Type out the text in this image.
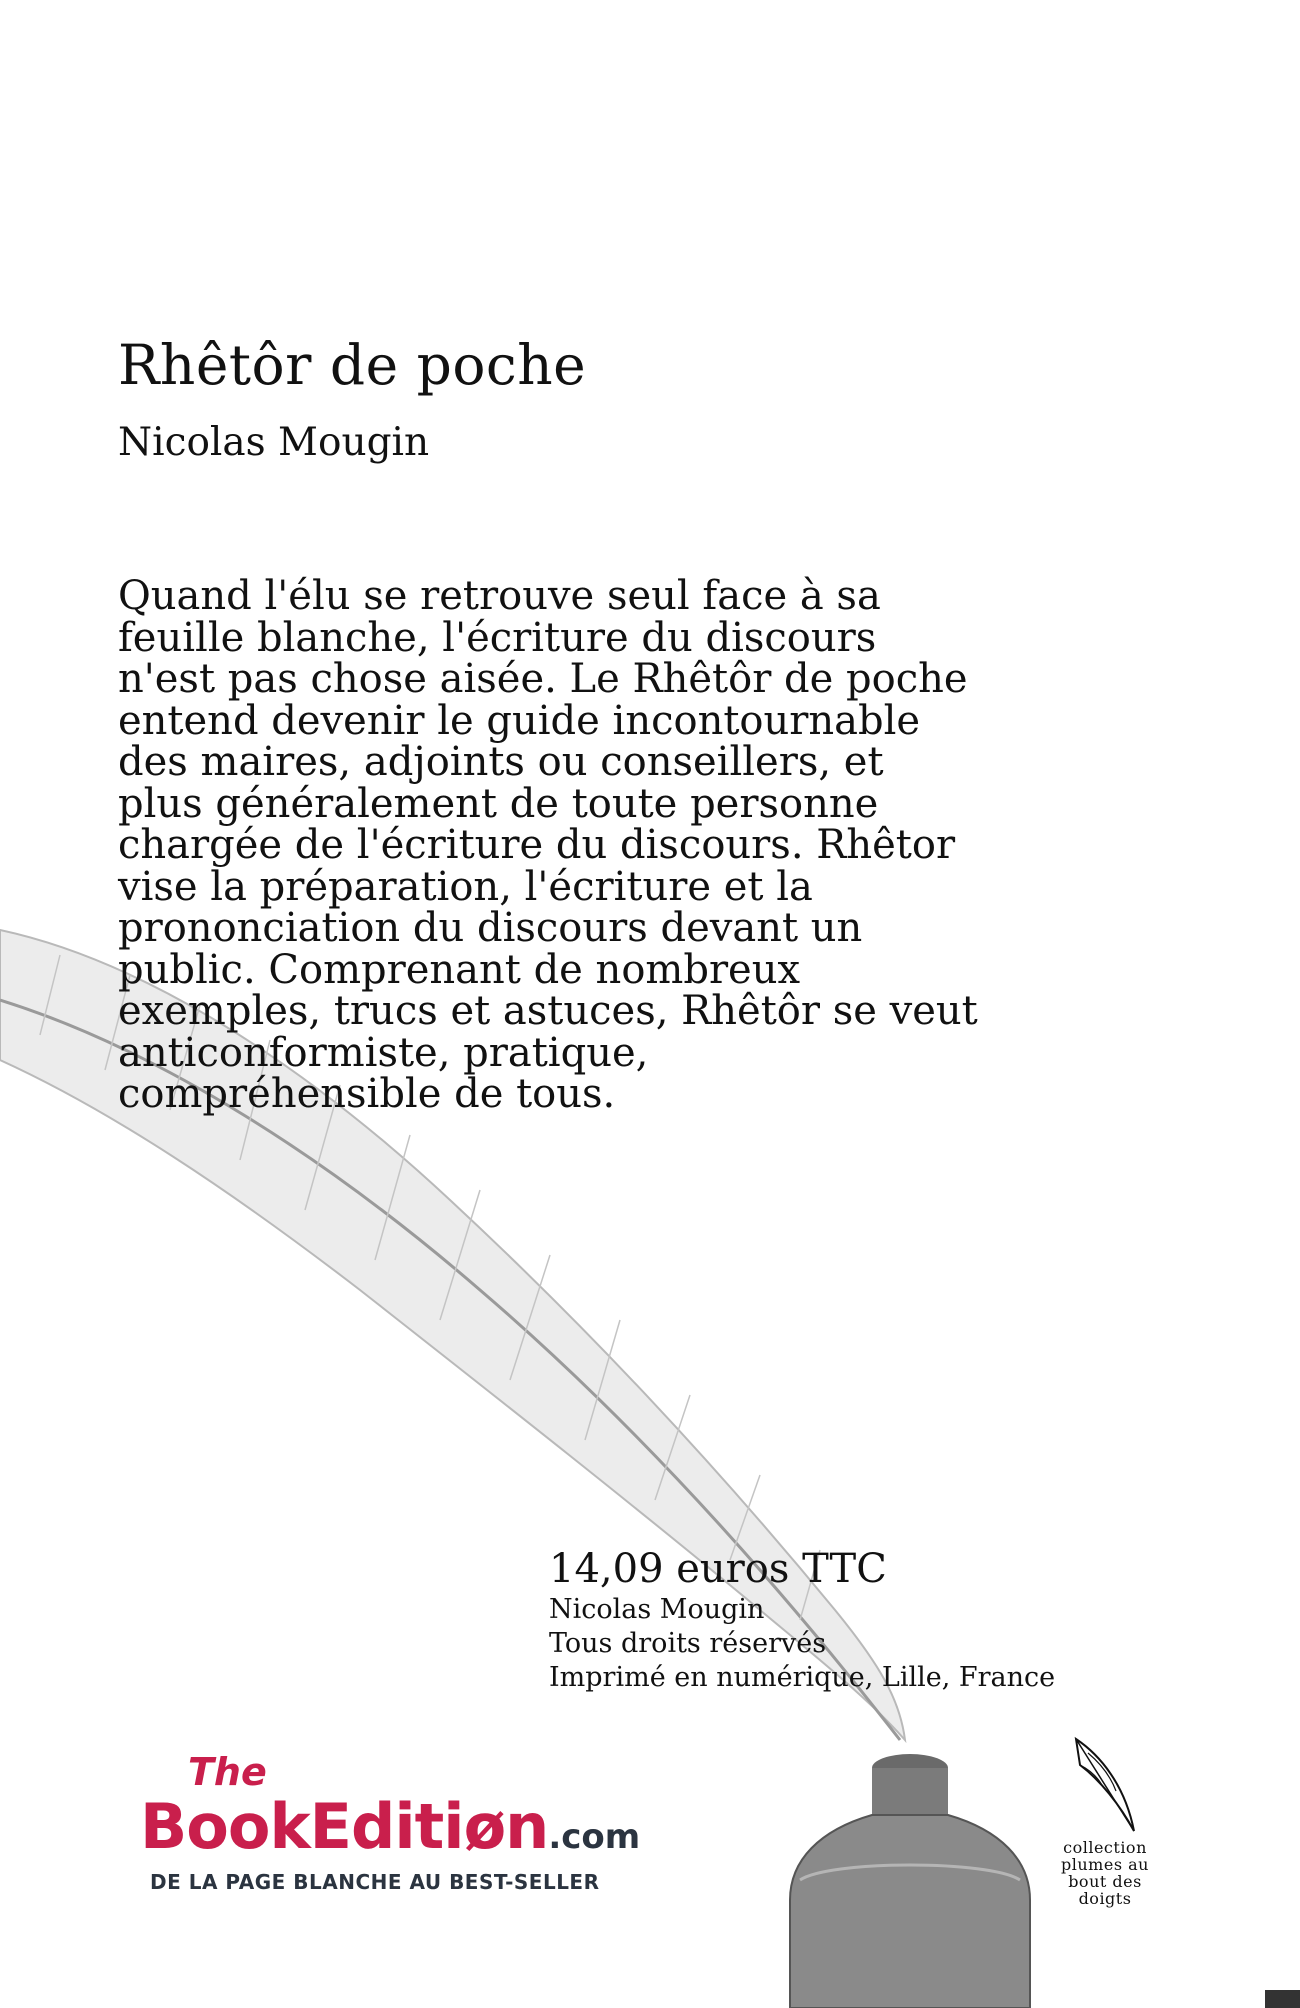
Rhêtôr de poche
Nicolas Mougin

Quand l'élu se retrouve seul face à sa feuille blanche, l'écriture du discours n'est pas chose aisée. Le Rhêtôr de poche entend devenir le guide incontournable des maires, adjoints ou conseillers, et plus généralement de toute personne chargée de l'écriture du discours. Rhêtor vise la préparation, l'écriture et la prononciation du discours devant un public. Comprenant de nombreux exemples, trucs et astuces, Rhêtôr se veut anticonformiste, pratique, compréhensible de tous.

14,09 euros TTC
Nicolas Mougin
Tous droits réservés
Imprimé en numérique, Lille, France
The
BookEditiøn.com
DE LA PAGE BLANCHE AU BEST-SELLER
collection
plumes au
bout des
doigts
